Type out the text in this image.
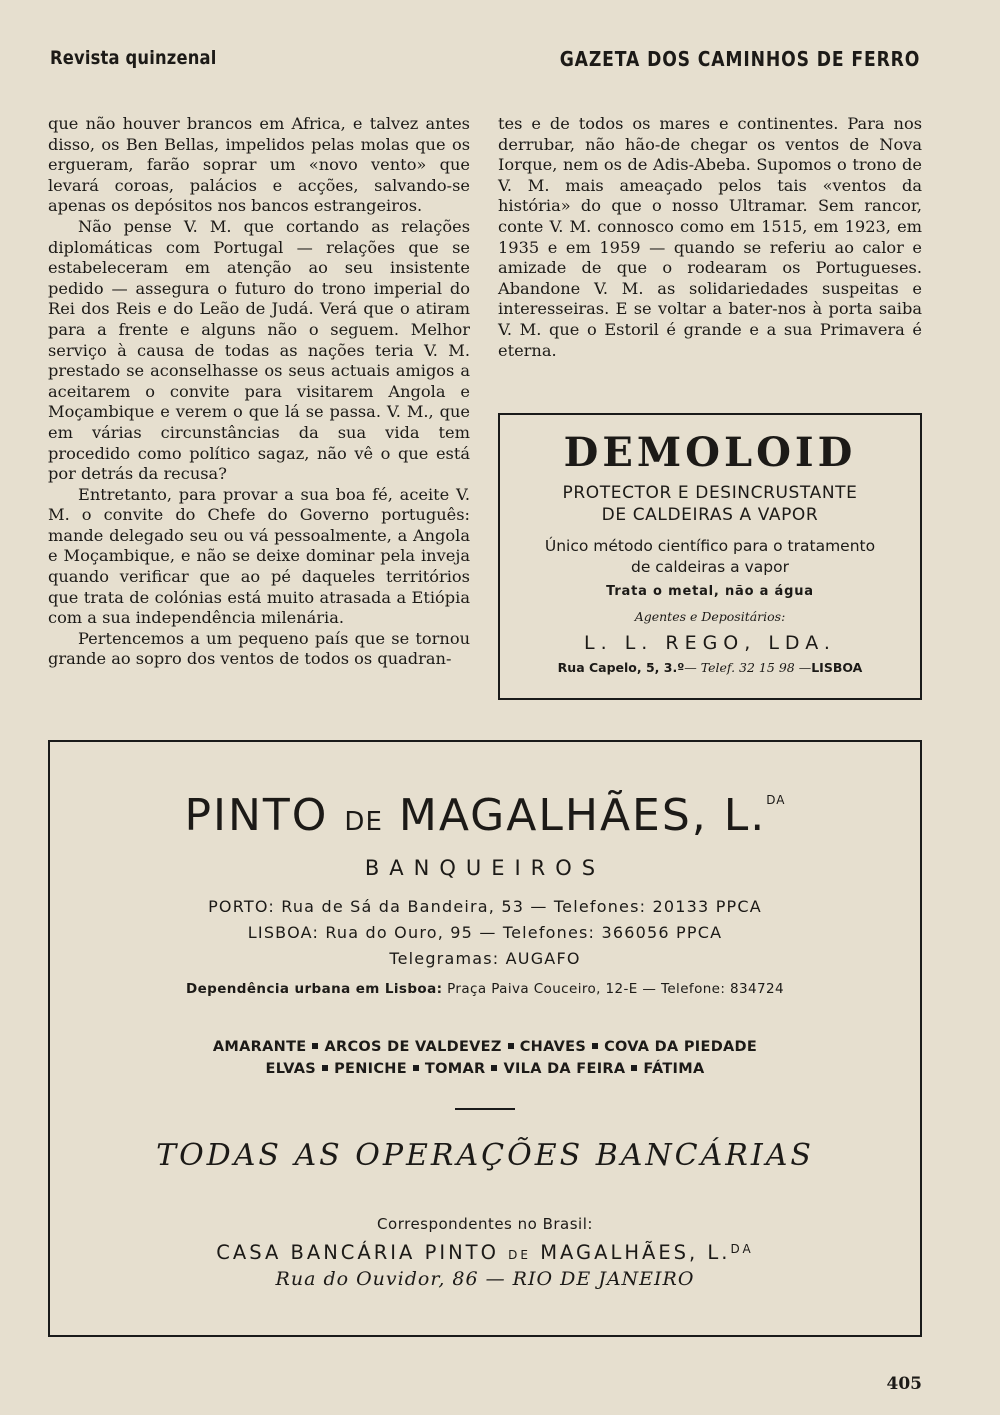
Revista quinzenal	GAZETA DOS CAMINHOS DE FERRO

que não houver brancos em Africa, e talvez antes disso, os Ben Bellas, impelidos pelas molas que os ergueram, farão soprar um «novo vento» que levará coroas, palácios e acções, salvando-se apenas os depósitos nos bancos estrangeiros.

Não pense V. M. que cortando as relações diplomáticas com Portugal — relações que se estabeleceram em atenção ao seu insistente pedido — assegura o futuro do trono imperial do Rei dos Reis e do Leão de Judá. Verá que o atiram para a frente e alguns não o seguem. Melhor serviço à causa de todas as nações teria V. M. prestado se aconselhasse os seus actuais amigos a aceitarem o convite para visitarem Angola e Moçambique e verem o que lá se passa. V. M., que em várias circunstâncias da sua vida tem procedido como político sagaz, não vê o que está por detrás da recusa?

Entretanto, para provar a sua boa fé, aceite V. M. o convite do Chefe do Governo português: mande delegado seu ou vá pessoalmente, a Angola e Moçambique, e não se deixe dominar pela inveja quando verificar que ao pé daqueles territórios que trata de colónias está muito atrasada a Etiópia com a sua independência milenária.

Pertencemos a um pequeno país que se tornou grande ao sopro dos ventos de todos os quadran-

tes e de todos os mares e continentes. Para nos derrubar, não hão-de chegar os ventos de Nova Iorque, nem os de Adis-Abeba. Supomos o trono de V. M. mais ameaçado pelos tais «ventos da história» do que o nosso Ultramar. Sem rancor, conte V. M. connosco como em 1515, em 1923, em 1935 e em 1959 — quando se referiu ao calor e amizade de que o rodearam os Portugueses. Abandone V. M. as solidariedades suspeitas e interesseiras. E se voltar a bater-nos à porta saiba V. M. que o Estoril é grande e a sua Primavera é eterna.

DEMOLOID
PROTECTOR E DESINCRUSTANTE
DE CALDEIRAS A VAPOR
Único método científico para o tratamento
de caldeiras a vapor
Trata o metal, não a água
Agentes e Depositários:
L. L. REGO, LDA.
Rua Capelo, 5, 3.º— Telef. 32 15 98 —LISBOA
PINTO DE MAGALHÃES, L.$^{DA}$
BANQUEIROS
PORTO: Rua de Sá da Bandeira, 53 — Telefones: 20133 PPCA
LISBOA: Rua do Ouro, 95 — Telefones: 366056 PPCA
Telegramas: AUGAFO
Dependência urbana em Lisboa: Praça Paiva Couceiro, 12-E — Telefone: 834724
AMARANTE ARCOS DE VALDEVEZ CHAVES COVA DA PIEDADE
ELVAS PENICHE TOMAR VILA DA FEIRA FÁTIMA
TODAS AS OPERAÇÕES BANCÁRIAS
Correspondentes no Brasil:
CASA BANCÁRIA PINTO DE MAGALHÃES, L.$^{DA}$
Rua do Ouvidor, 86 — RIO DE JANEIRO
405
